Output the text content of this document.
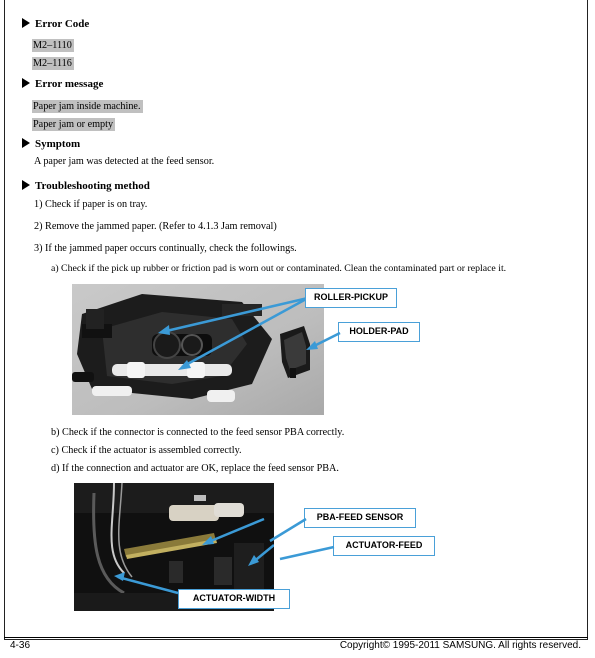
Error Code
M2–1110
M2–1116
Error message
Paper jam inside machine.
Paper jam or empty
Symptom
A paper jam was detected at the feed sensor.
Troubleshooting method
1) Check if paper is on tray.
2) Remove the jammed paper. (Refer to 4.1.3 Jam removal)
3) If the jammed paper occurs continually, check the followings.
a) Check if the pick up rubber or friction pad is worn out or contaminated. Clean the contaminated part or replace it.
ROLLER-PICKUP
HOLDER-PAD
b) Check if the connector is connected to the feed sensor PBA correctly.
c) Check if the actuator is assembled correctly.
d) If the connection and actuator are OK, replace the feed sensor PBA.
PBA-FEED SENSOR
ACTUATOR-FEED
ACTUATOR-WIDTH
4-36	Copyright© 1995-2011 SAMSUNG. All rights reserved.
